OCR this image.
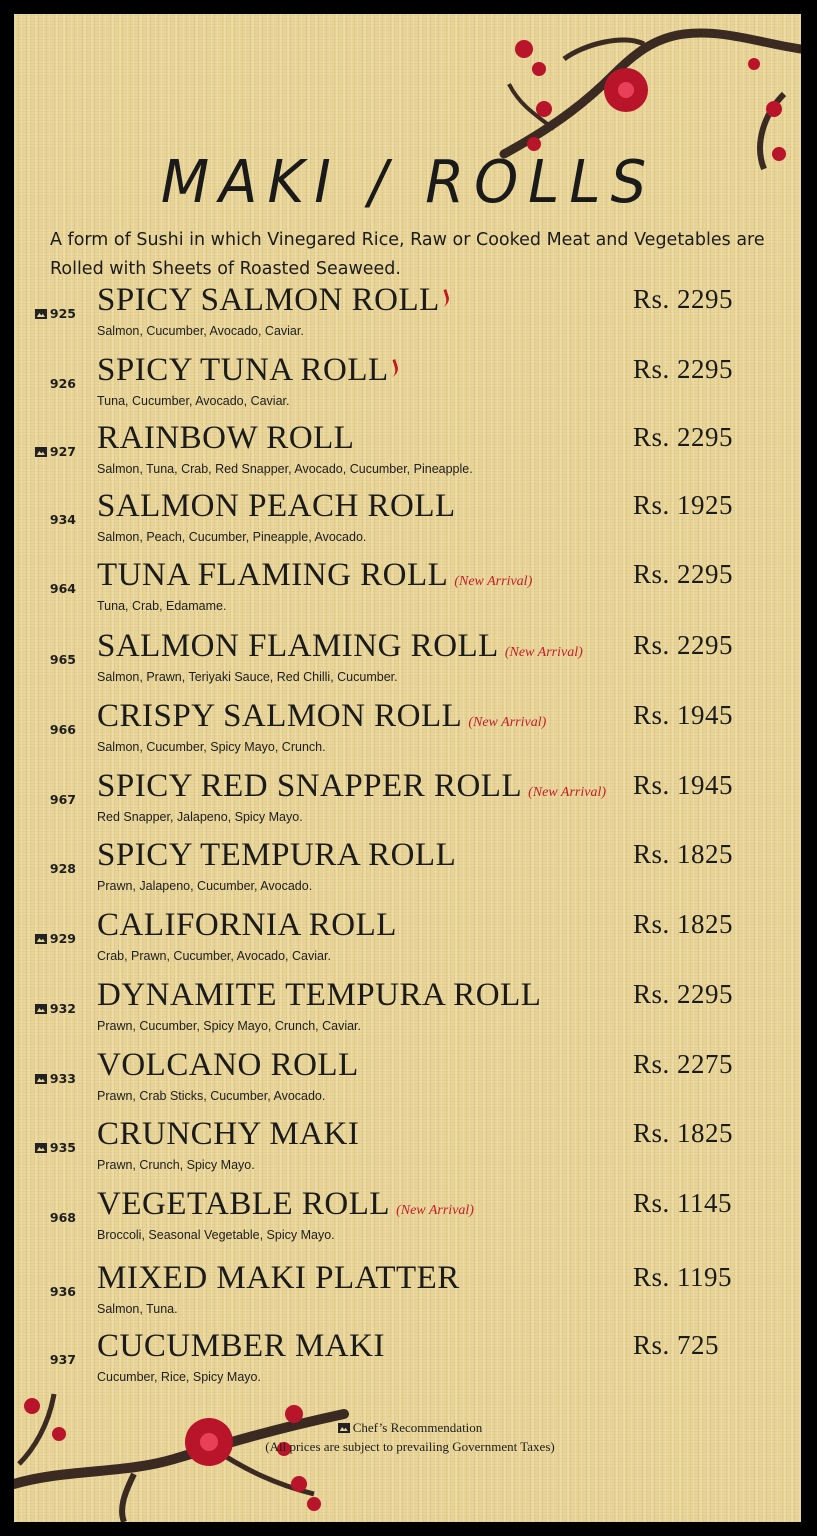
MAKI / ROLLS
A form of Sushi in which Vinegared Rice, Raw or Cooked Meat and Vegetables are Rolled with Sheets of Roasted Seaweed.
925 SPICY SALMON ROLL
Salmon, Cucumber, Avocado, Caviar.
Rs. 2295
926 SPICY TUNA ROLL
Tuna, Cucumber, Avocado, Caviar.
Rs. 2295
927 RAINBOW ROLL
Salmon, Tuna, Crab, Red Snapper, Avocado, Cucumber, Pineapple.
Rs. 2295
934 SALMON PEACH ROLL
Salmon, Peach, Cucumber, Pineapple, Avocado.
Rs. 1925
964 TUNA FLAMING ROLL (New Arrival)
Tuna, Crab, Edamame.
Rs. 2295
965 SALMON FLAMING ROLL (New Arrival)
Salmon, Prawn, Teriyaki Sauce, Red Chilli, Cucumber.
Rs. 2295
966 CRISPY SALMON ROLL (New Arrival)
Salmon, Cucumber, Spicy Mayo, Crunch.
Rs. 1945
967 SPICY RED SNAPPER ROLL (New Arrival)
Red Snapper, Jalapeno, Spicy Mayo.
Rs. 1945
928 SPICY TEMPURA ROLL
Prawn, Jalapeno, Cucumber, Avocado.
Rs. 1825
929 CALIFORNIA ROLL
Crab, Prawn, Cucumber, Avocado, Caviar.
Rs. 1825
932 DYNAMITE TEMPURA ROLL
Prawn, Cucumber, Spicy Mayo, Crunch, Caviar.
Rs. 2295
933 VOLCANO ROLL
Prawn, Crab Sticks, Cucumber, Avocado.
Rs. 2275
935 CRUNCHY MAKI
Prawn, Crunch, Spicy Mayo.
Rs. 1825
968 VEGETABLE ROLL (New Arrival)
Broccoli, Seasonal Vegetable, Spicy Mayo.
Rs. 1145
936 MIXED MAKI PLATTER
Salmon, Tuna.
Rs. 1195
937 CUCUMBER MAKI
Cucumber, Rice, Spicy Mayo.
Rs. 725
Chef’s Recommendation
(All prices are subject to prevailing Government Taxes)
